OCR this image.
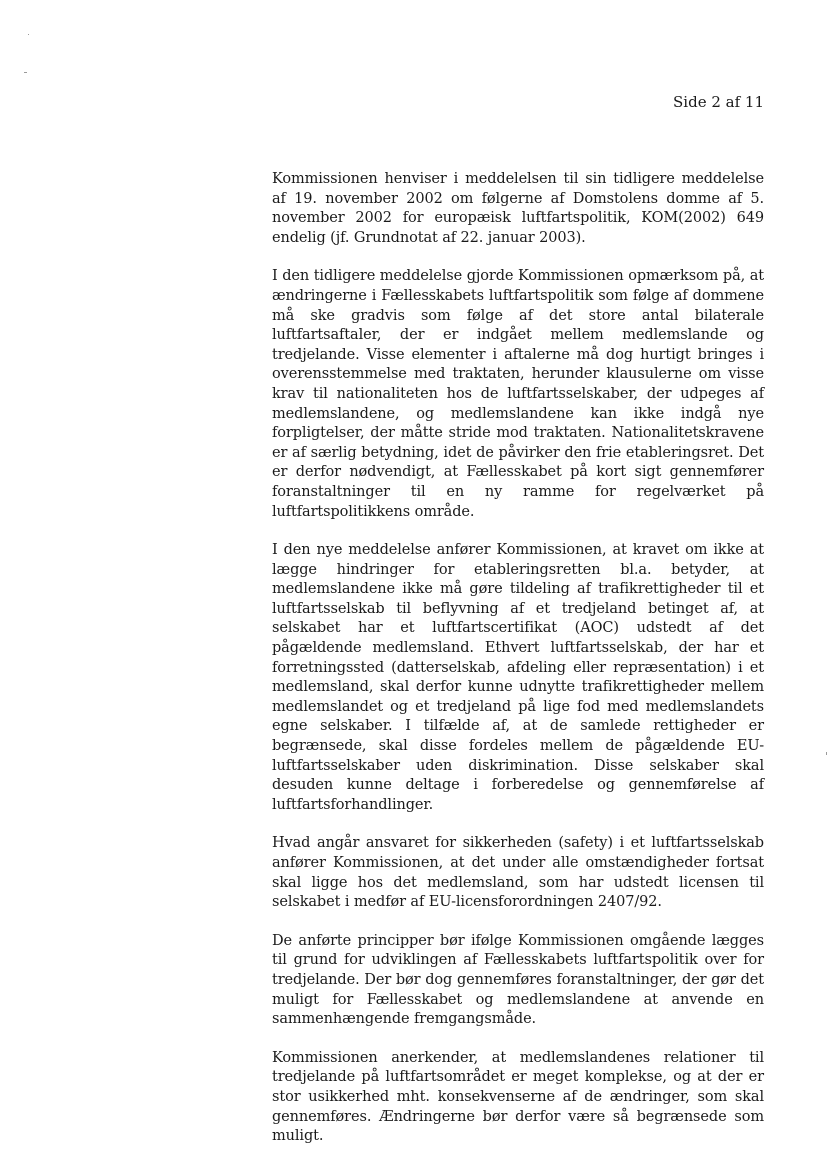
Side 2 af 11

Kommissionen henviser i meddelelsen til sin tidligere meddelelse af 19. november 2002 om følgerne af Domstolens domme af 5. november 2002 for europæisk luftfartspolitik, KOM(2002) 649 endelig (jf. Grundnotat af 22. januar 2003).

I den tidligere meddelelse gjorde Kommissionen opmærksom på, at ændringerne i Fællesskabets luftfartspolitik som følge af dommene må ske gradvis som følge af det store antal bilaterale luftfartsaftaler, der er indgået mellem medlemslande og tredjelande. Visse elementer i aftalerne må dog hurtigt bringes i overensstemmelse med traktaten, herunder klausulerne om visse krav til nationaliteten hos de luftfartsselskaber, der udpeges af medlemslandene, og medlemslandene kan ikke indgå nye forpligtelser, der måtte stride mod traktaten. Nationalitetskravene er af særlig betydning, idet de påvirker den frie etableringsret. Det er derfor nødvendigt, at Fællesskabet på kort sigt gennemfører foranstaltninger til en ny ramme for regelværket på luftfartspolitikkens område.

I den nye meddelelse anfører Kommissionen, at kravet om ikke at lægge hindringer for etableringsretten bl.a. betyder, at medlemslandene ikke må gøre tildeling af trafikrettigheder til et luftfartsselskab til beflyvning af et tredjeland betinget af, at selskabet har et luftfartscertifikat (AOC) udstedt af det pågældende medlemsland. Ethvert luftfartsselskab, der har et forretningssted (datterselskab, afdeling eller repræsentation) i et medlemsland, skal derfor kunne udnytte trafikrettigheder mellem medlemslandet og et tredjeland på lige fod med medlemslandets egne selskaber. I tilfælde af, at de samlede rettigheder er begrænsede, skal disse fordeles mellem de pågældende EU-luftfartsselskaber uden diskrimination. Disse selskaber skal desuden kunne deltage i forberedelse og gennemførelse af luftfartsforhandlinger.

Hvad angår ansvaret for sikkerheden (safety) i et luftfartsselskab anfører Kommissionen, at det under alle omstændigheder fortsat skal ligge hos det medlemsland, som har udstedt licensen til selskabet i medfør af EU-licensforordningen 2407/92.

De anførte principper bør ifølge Kommissionen omgående lægges til grund for udviklingen af Fællesskabets luftfartspolitik over for tredjelande. Der bør dog gennemføres foranstaltninger, der gør det muligt for Fællesskabet og medlemslandene at anvende en sammenhængende fremgangsmåde.

Kommissionen anerkender, at medlemslandenes relationer til tredjelande på luftfartsområdet er meget komplekse, og at der er stor usikkerhed mht. konsekvenserne af de ændringer, som skal gennemføres. Ændringerne bør derfor være så begrænsede som muligt.
